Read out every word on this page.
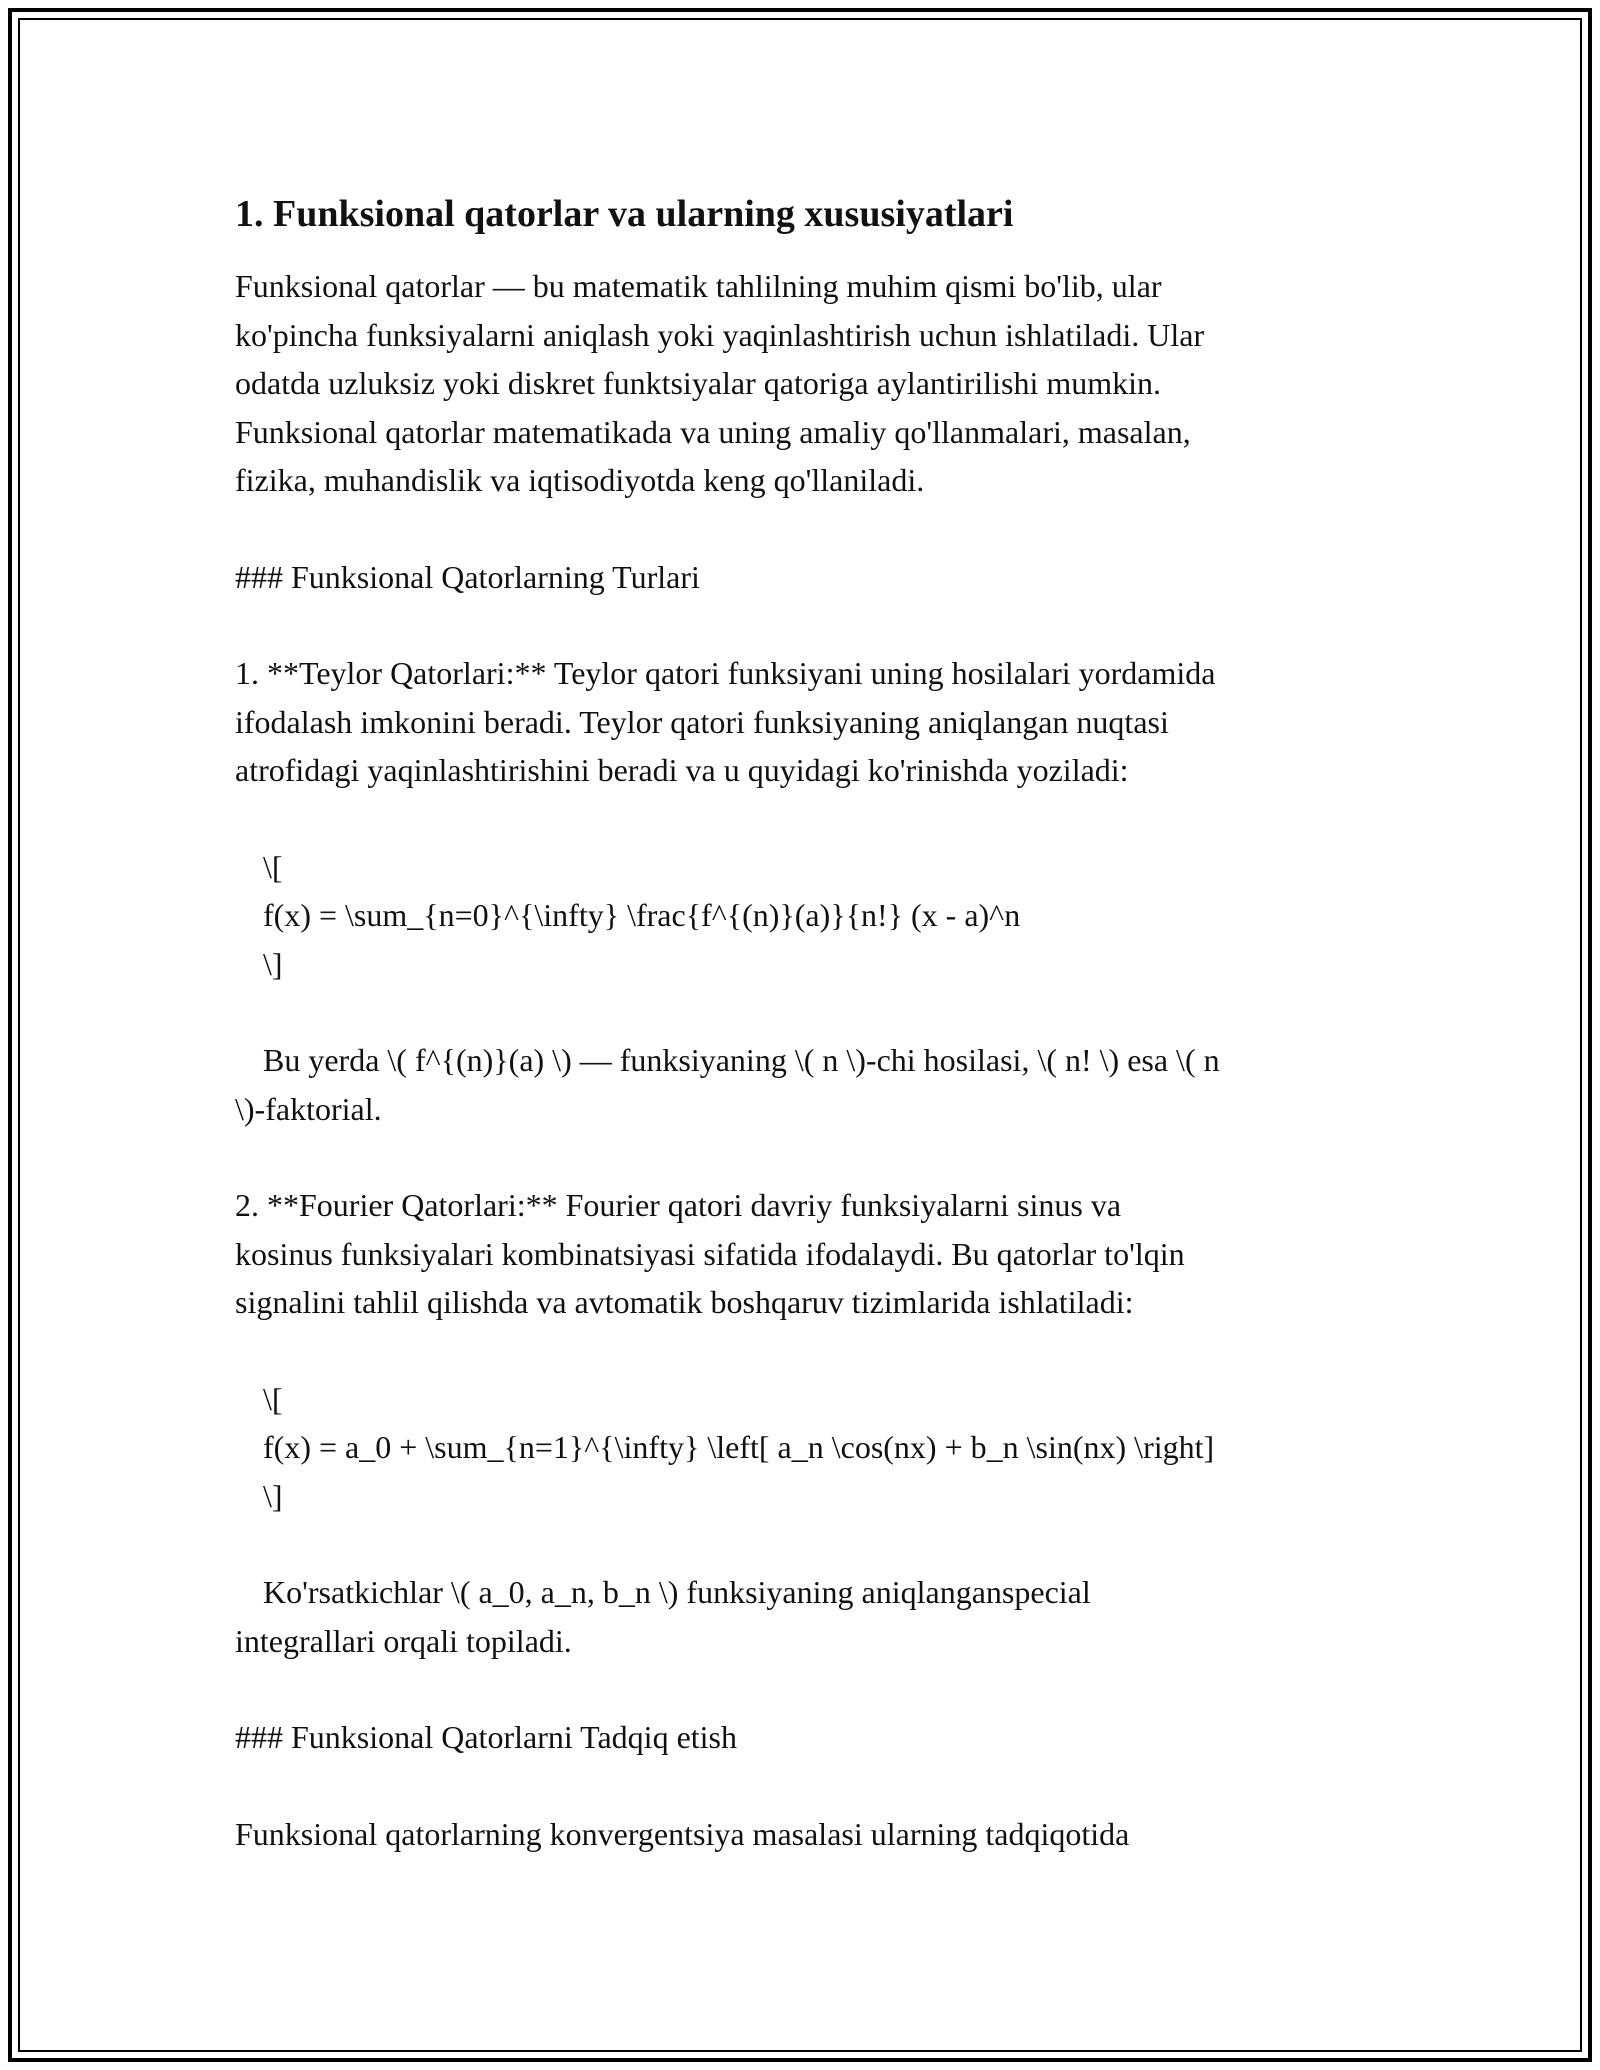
1. Funksional qatorlar va ularning xususiyatlari

Funksional qatorlar — bu matematik tahlilning muhim qismi bo'lib, ular
ko'pincha funksiyalarni aniqlash yoki yaqinlashtirish uchun ishlatiladi. Ular
odatda uzluksiz yoki diskret funktsiyalar qatoriga aylantirilishi mumkin.
Funksional qatorlar matematikada va uning amaliy qo'llanmalari, masalan,
fizika, muhandislik va iqtisodiyotda keng qo'llaniladi.

### Funksional Qatorlarning Turlari

1. **Teylor Qatorlari:** Teylor qatori funksiyani uning hosilalari yordamida
ifodalash imkonini beradi. Teylor qatori funksiyaning aniqlangan nuqtasi
atrofidagi yaqinlashtirishini beradi va u quyidagi ko'rinishda yoziladi:

\[
f(x) = \sum_{n=0}^{\infty} \frac{f^{(n)}(a)}{n!} (x - a)^n
\]

Bu yerda \( f^{(n)}(a) \) — funksiyaning \( n \)-chi hosilasi, \( n! \) esa \( n
\)-faktorial.

2. **Fourier Qatorlari:** Fourier qatori davriy funksiyalarni sinus va
kosinus funksiyalari kombinatsiyasi sifatida ifodalaydi. Bu qatorlar to'lqin
signalini tahlil qilishda va avtomatik boshqaruv tizimlarida ishlatiladi:

\[
f(x) = a_0 + \sum_{n=1}^{\infty} \left[ a_n \cos(nx) + b_n \sin(nx) \right]
\]

Ko'rsatkichlar \( a_0, a_n, b_n \) funksiyaning aniqlanganspecial
integrallari orqali topiladi.

### Funksional Qatorlarni Tadqiq etish

Funksional qatorlarning konvergentsiya masalasi ularning tadqiqotida
